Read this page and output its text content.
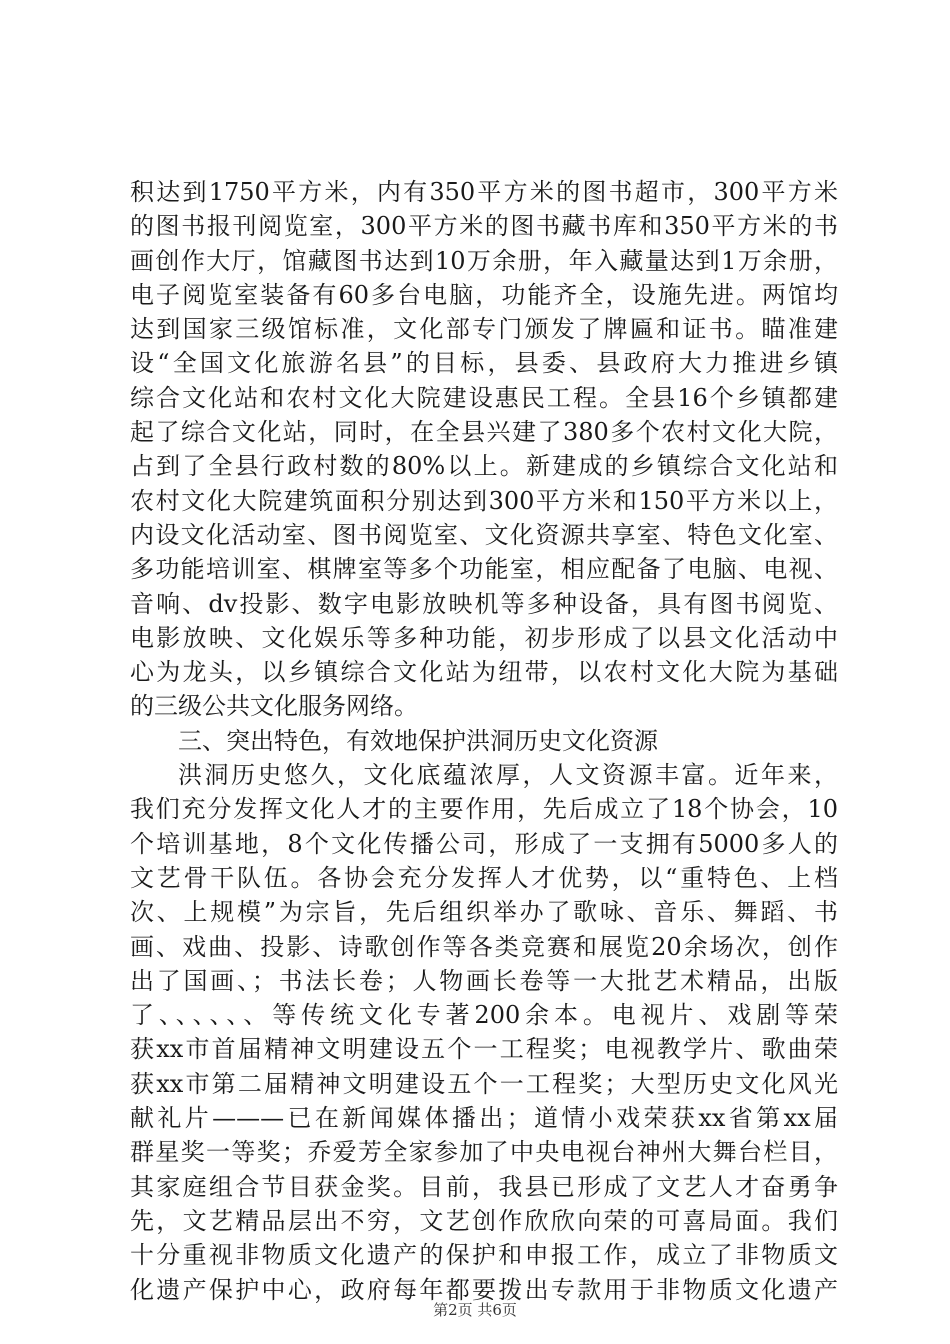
积达到1750平方米，内有350平方米的图书超市，300平方米
的图书报刊阅览室，300平方米的图书藏书库和350平方米的书
画创作大厅，馆藏图书达到10万余册，年入藏量达到1万余册，
电子阅览室装备有60多台电脑，功能齐全，设施先进。两馆均
达到国家三级馆标准，文化部专门颁发了牌匾和证书。瞄准建
设“全国文化旅游名县”的目标，县委、县政府大力推进乡镇
综合文化站和农村文化大院建设惠民工程。全县16个乡镇都建
起了综合文化站，同时，在全县兴建了380多个农村文化大院，
占到了全县行政村数的80%以上。新建成的乡镇综合文化站和
农村文化大院建筑面积分别达到300平方米和150平方米以上，
内设文化活动室、图书阅览室、文化资源共享室、特色文化室、
多功能培训室、棋牌室等多个功能室，相应配备了电脑、电视、
音响、dv投影、数字电影放映机等多种设备，具有图书阅览、
电影放映、文化娱乐等多种功能，初步形成了以县文化活动中
心为龙头，以乡镇综合文化站为纽带，以农村文化大院为基础
的三级公共文化服务网络。
三、突出特色，有效地保护洪洞历史文化资源
洪洞历史悠久，文化底蕴浓厚，人文资源丰富。近年来，
我们充分发挥文化人才的主要作用，先后成立了18个协会，10
个培训基地，8个文化传播公司，形成了一支拥有5000多人的
文艺骨干队伍。各协会充分发挥人才优势，以“重特色、上档
次、上规模”为宗旨，先后组织举办了歌咏、音乐、舞蹈、书
画、戏曲、投影、诗歌创作等各类竞赛和展览20余场次，创作
出了国画、；书法长卷；人物画长卷等一大批艺术精品，出版
了、、、、、、等传统文化专著200余本。电视片、戏剧等荣
获xx市首届精神文明建设五个一工程奖；电视教学片、歌曲荣
获xx市第二届精神文明建设五个一工程奖；大型历史文化风光
献礼片———已在新闻媒体播出；道情小戏荣获xx省第xx届
群星奖一等奖；乔爱芳全家参加了中央电视台神州大舞台栏目，
其家庭组合节目获金奖。目前，我县已形成了文艺人才奋勇争
先，文艺精品层出不穷，文艺创作欣欣向荣的可喜局面。我们
十分重视非物质文化遗产的保护和申报工作，成立了非物质文
化遗产保护中心，政府每年都要拨出专款用于非物质文化遗产
第2页 共6页
